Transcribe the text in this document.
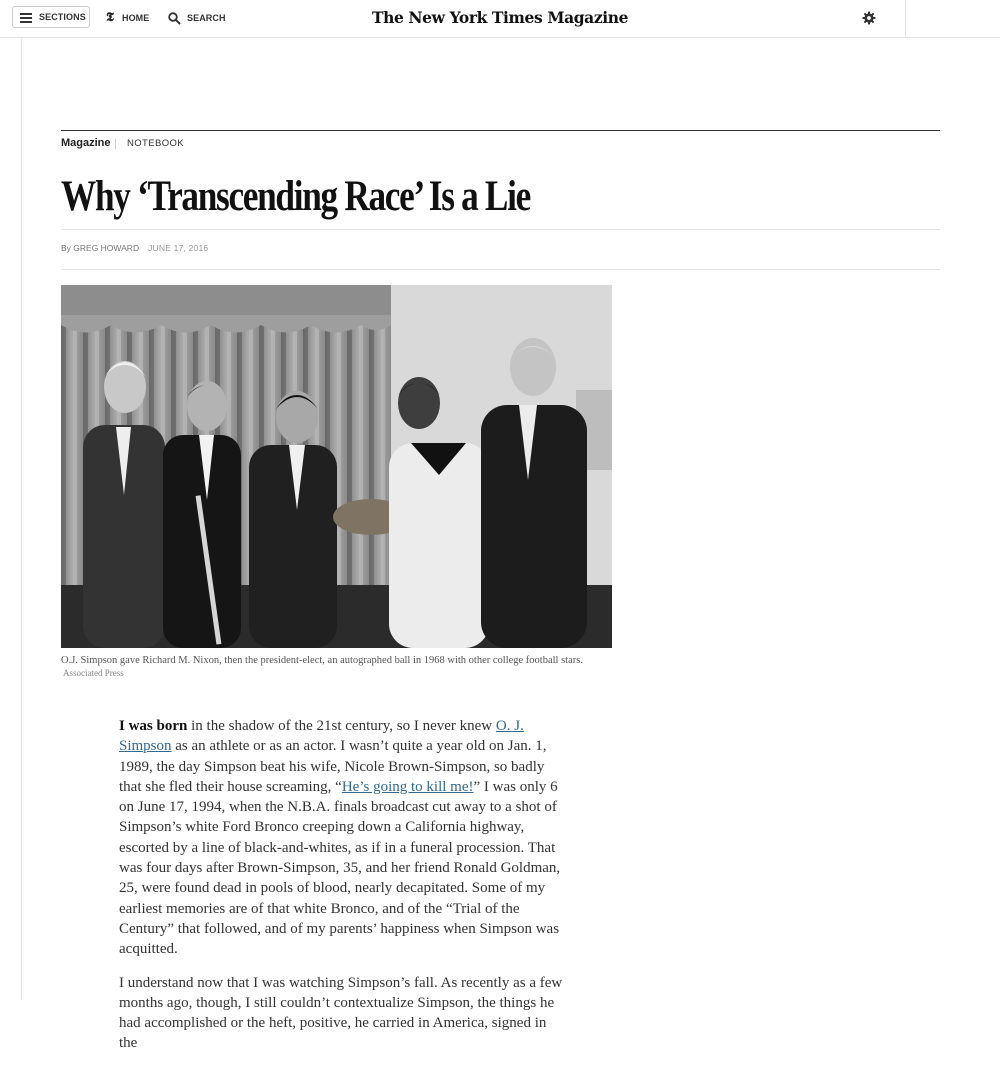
SECTIONS 𝕿 HOME	SEARCH	The New York Times Magazine
Magazine NOTEBOOK
Why ‘Transcending Race’ Is a Lie
By GREG HOWARD JUNE 17, 2016
O.J. Simpson gave Richard M. Nixon, then the president-elect, an autographed ball in 1968 with other college football stars. Associated Press

I was born in the shadow of the 21st century, so I never knew O. J. Simpson as an athlete or as an actor. I wasn’t quite a year old on Jan. 1, 1989, the day Simpson beat his wife, Nicole Brown-Simpson, so badly that she fled their house screaming, “He’s going to kill me!” I was only 6 on June 17, 1994, when the N.B.A. finals broadcast cut away to a shot of Simpson’s white Ford Bronco creeping down a California highway, escorted by a line of black-and-whites, as if in a funeral procession. That was four days after Brown-Simpson, 35, and her friend Ronald Goldman, 25, were found dead in pools of blood, nearly decapitated. Some of my earliest memories are of that white Bronco, and of the “Trial of the Century” that followed, and of my parents’ happiness when Simpson was acquitted.

I understand now that I was watching Simpson’s fall. As recently as a few months ago, though, I still couldn’t contextualize Simpson, the things he had accomplished or the heft, positive, he carried in America, signed in the
